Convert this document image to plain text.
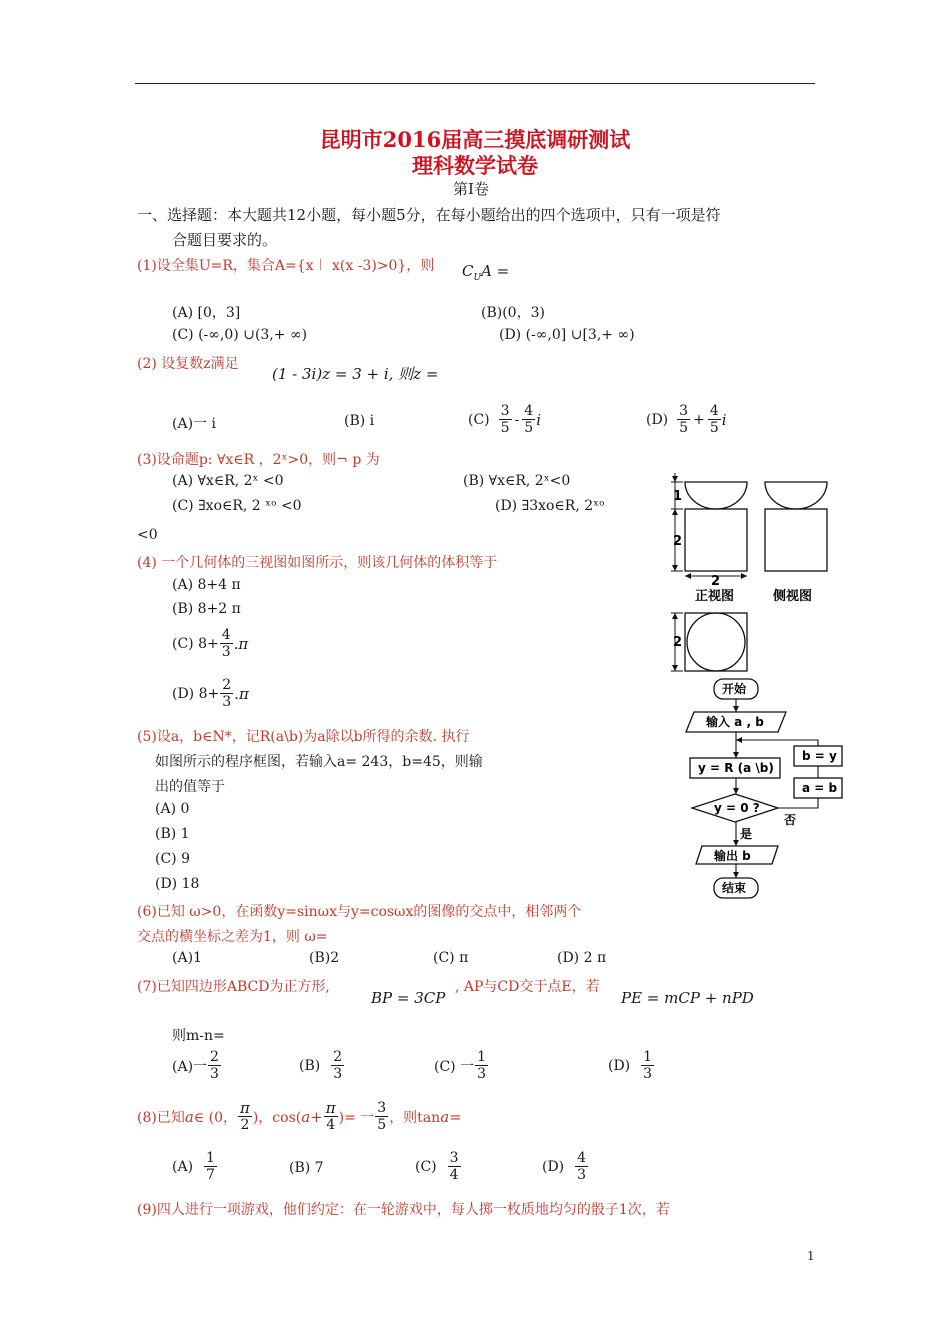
昆明市2016届高三摸底调研测试
理科数学试卷
第Ⅰ卷
一、选择题：本大题共12小题，每小题5分，在每小题给出的四个选项中，只有一项是符
合题目要求的。
(1)设全集U=R，集合A={x︱ x(x -3)>0}，则 $C_UA$ =
(A) [0，3]	(B)(0，3)
(C) (-∞,0) ∪(3,+ ∞)	(D) (-∞,0] ∪[3,+ ∞)
(2) 设复数z满足
(1 - 3i)z = 3 + i, 则z =
(A)一 i	(B) i	$(C) \frac{3}{5} - \frac{4}{5}$ i	$(D) \frac{3}{5} + \frac{4}{5}$ i
(3)设命题p: ∀x∈R ，2ˣ>0，则¬ p 为
(A) ∀x∈R, 2ˣ <0	(B) ∀x∈R, 2ˣ<0
(C) ∃xo∈R, 2 ˣᵒ <0	(D) ∃3xo∈R, 2ˣᵒ
<0
(4) 一个几何体的三视图如图所示，则该几何体的体积等于
(A) 8+4 π
(B) 8+2 π
(C) $8+ \frac{4}{3} .\pi$
(D) $8+ \frac{2}{3} .\pi$
1
2
2
2
正视图	侧视图
(5)设a，b∈N*，记R(a\b)为a除以b所得的余数. 执行
如图所示的程序框图，若输入a= 243，b=45，则输
出的值等于
(A) 0
(B) 1
(C) 9
(D) 18
开始
输入 a , b
y = R (a \b)
b = y
a = b
y = 0 ?
否
是
输出 b
结束
(6)已知 ω>0，在函数y=sinωx与y=cosωx的图像的交点中，相邻两个
交点的横坐标之差为1，则 ω=
(A)1	(B)2	(C) π	(D) 2 π
(7)已知四边形ABCD为正方形,
BP = 3CP
, AP与CD交于点E，若
PE = mCP + nPD
则m-n=
(A)一 $\frac{2}{3}$	$(B) \frac{2}{3}$	(C) 一 $\frac{1}{3}$	$(D) \frac{1}{3}$
(8)已知 a ∈ (0， $\frac{\pi}{2}$ )，cos( $a+ \frac{\pi}{4}$ )= 一 $\frac{3}{5}$ ，则tan a=
$(A) \frac{1}{7}$	(B) 7	$(C) \frac{3}{4}$	$(D) \frac{4}{3}$
(9)四人进行一项游戏，他们约定：在一轮游戏中，每人掷一枚质地均匀的骰子1次，若
1
